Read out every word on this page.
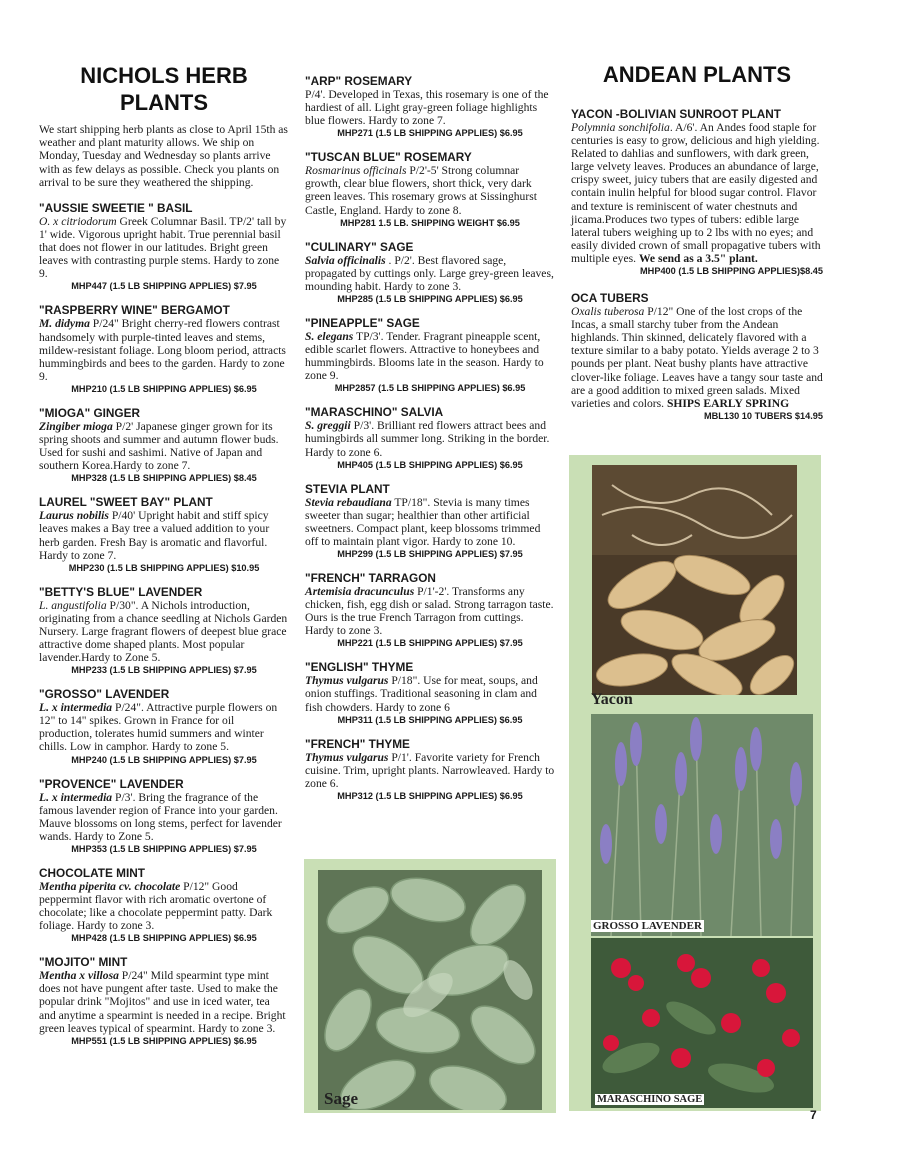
NICHOLS HERB
PLANTS

We start shipping herb plants as close to April 15th as weather and plant maturity allows. We ship on Monday, Tuesday and Wednesday so plants arrive with as few delays as possible. Check you plants on arrival to be sure they weathered the shipping.

"AUSSIE SWEETIE " BASIL

O. x citriodorum Greek Columnar Basil. TP/2' tall by 1' wide. Vigorous upright habit. True perennial basil that does not flower in our latitudes. Bright green leaves with contrasting purple stems. Hardy to zone 9.

MHP447 (1.5 LB SHIPPING APPLIES) $7.95

"RASPBERRY WINE" BERGAMOT

M. didyma P/24" Bright cherry-red flowers contrast handsomely with purple-tinted leaves and stems, mildew-resistant foliage. Long bloom period, attracts hummingbirds and bees to the garden. Hardy to zone 9.

MHP210 (1.5 LB SHIPPING APPLIES) $6.95

"MIOGA" GINGER

Zingiber mioga P/2' Japanese ginger grown for its spring shoots and summer and autumn flower buds. Used for sushi and sashimi. Native of Japan and southern Korea.Hardy to zone 7.

MHP328 (1.5 LB SHIPPING APPLIES) $8.45

LAUREL "SWEET BAY" PLANT

Laurus nobilis P/40' Upright habit and stiff spicy leaves makes a Bay tree a valued addition to your herb garden. Fresh Bay is aromatic and flavorful. Hardy to zone 7.

MHP230 (1.5 LB SHIPPING APPLIES) $10.95

"BETTY'S BLUE" LAVENDER

L. angustifolia P/30". A Nichols introduction, originating from a chance seedling at Nichols Garden Nursery. Large fragrant flowers of deepest blue grace attractive dome shaped plants. Most popular lavender.Hardy to Zone 5.

MHP233 (1.5 LB SHIPPING APPLIES) $7.95

"GROSSO" LAVENDER

L. x intermedia P/24". Attractive purple flowers on 12" to 14" spikes. Grown in France for oil production, tolerates humid summers and winter chills. Low in camphor. Hardy to zone 5.

MHP240 (1.5 LB SHIPPING APPLIES) $7.95

"PROVENCE" LAVENDER

L. x intermedia P/3'. Bring the fragrance of the famous lavender region of France into your garden. Mauve blossoms on long stems, perfect for lavender wands. Hardy to Zone 5.

MHP353 (1.5 LB SHIPPING APPLIES) $7.95

CHOCOLATE MINT

Mentha piperita cv. chocolate P/12" Good peppermint flavor with rich aromatic overtone of chocolate; like a chocolate peppermint patty. Dark foliage. Hardy to zone 3.

MHP428 (1.5 LB SHIPPING APPLIES) $6.95

"MOJITO" MINT

Mentha x villosa P/24" Mild spearmint type mint does not have pungent after taste. Used to make the popular drink "Mojitos" and use in iced water, tea and anytime a spearmint is needed in a recipe. Bright green leaves typical of spearmint. Hardy to zone 3.

MHP551 (1.5 LB SHIPPING APPLIES) $6.95

"ARP" ROSEMARY

P/4'. Developed in Texas, this rosemary is one of the hardiest of all. Light gray-green foliage highlights blue flowers. Hardy to zone 7.

MHP271 (1.5 LB SHIPPING APPLIES) $6.95

"TUSCAN BLUE" ROSEMARY

Rosmarinus officinals P/2'-5' Strong columnar growth, clear blue flowers, short thick, very dark green leaves. This rosemary grows at Sissinghurst Castle, England. Hardy to zone 8.

MHP281 1.5 LB. SHIPPING WEIGHT $6.95

"CULINARY" SAGE

Salvia officinalis . P/2'. Best flavored sage, propagated by cuttings only. Large grey-green leaves, mounding habit. Hardy to zone 3.

MHP285 (1.5 LB SHIPPING APPLIES) $6.95

"PINEAPPLE" SAGE

S. elegans TP/3'. Tender. Fragrant pineapple scent, edible scarlet flowers. Attractive to honeybees and hummingbirds. Blooms late in the season. Hardy to zone 9.

MHP2857 (1.5 LB SHIPPING APPLIES) $6.95

"MARASCHINO" SALVIA

S. greggii P/3'. Brilliant red flowers attract bees and humingbirds all summer long. Striking in the border. Hardy to zone 6.

MHP405 (1.5 LB SHIPPING APPLIES) $6.95

STEVIA PLANT

Stevia rebaudiana TP/18". Stevia is many times sweeter than sugar; healthier than other artificial sweetners. Compact plant, keep blossoms trimmed off to maintain plant vigor. Hardy to zone 10.

MHP299 (1.5 LB SHIPPING APPLIES) $7.95

"FRENCH" TARRAGON

Artemisia dracunculus P/1'-2'. Transforms any chicken, fish, egg dish or salad. Strong tarragon taste. Ours is the true French Tarragon from cuttings. Hardy to zone 3.

MHP221 (1.5 LB SHIPPING APPLIES) $7.95

"ENGLISH" THYME

Thymus vulgarus P/18". Use for meat, soups, and onion stuffings. Traditional seasoning in clam and fish chowders. Hardy to zone 6

MHP311 (1.5 LB SHIPPING APPLIES) $6.95

"FRENCH" THYME

Thymus vulgarus P/1'. Favorite variety for French cuisine. Trim, upright plants. Narrowleaved. Hardy to zone 6.

MHP312 (1.5 LB SHIPPING APPLIES) $6.95

ANDEAN PLANTS

YACON -BOLIVIAN SUNROOT PLANT

Polymnia sonchifolia. A/6'. An Andes food staple for centuries is easy to grow, delicious and high yielding. Related to dahlias and sunflowers, with dark green, large velvety leaves. Produces an abundance of large, crispy sweet, juicy tubers that are easily digested and contain inulin helpful for blood sugar control. Flavor and texture is reminiscent of water chestnuts and jicama.Produces two types of tubers: edible large lateral tubers weighing up to 2 lbs with no eyes; and easily divided crown of small propagative tubers with multiple eyes. We send as a 3.5" plant.

MHP400 (1.5 LB SHIPPING APPLIES)$8.45

OCA TUBERS

Oxalis tuberosa P/12" One of the lost crops of the Incas, a small starchy tuber from the Andean highlands. Thin skinned, delicately flavored with a texture similar to a baby potato. Yields average 2 to 3 pounds per plant. Neat bushy plants have attractive clover-like foliage. Leaves have a tangy sour taste and are a good addition to mixed green salads. Mixed varieties and colors. SHIPS EARLY SPRING

MBL130 10 TUBERS $14.95

Sage
Yacon
GROSSO LAVENDER
MARASCHINO SAGE
7
